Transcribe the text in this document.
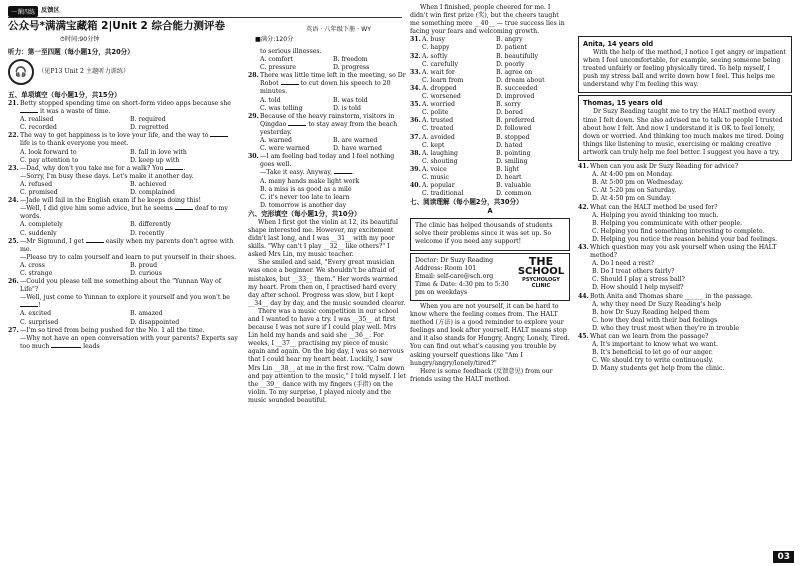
一课四练 反馈区
公众号*满满宝藏箱 2|Unit 2 综合能力测评卷
⏱时间:90分钟	■满分:120分
英语 · 八年级下册 · WY
听力：第一至四题（每小题1分，共20分）
🎧	（见P13 Unit 2 主题听力训练）
五、单项填空（每小题1分，共15分）
21. Betty stopped spending time on short-form video apps because she  it was a waste of time.
A. realised	B. required
C. recorded	D. regretted
22. The way to get happiness is to love your life, and the way to  life is to thank everyone you meet.
A. look forward to	B. fall in love with
C. pay attention to	D. keep up with
23. —Dad, why don't you take me for a walk? You	.
—Sorry, I'm busy these days. Let's make it another day.
A. refused	B. achieved
C. promised	D. complained
24. —Jade will fail in the English exam if he keeps doing this!
—Well, I did give him some advice, but he seems	deaf to my words.
A. completely	B. differently
C. suddenly	D. recently
25. —Mr Sigmund, I get	easily when my parents don't agree with me.
—Please try to calm yourself and learn to put yourself in their shoes.
A. cross	B. proud
C. strange	D. curious
26. —Could you please tell me something about the "Yunnan Way of Life"?
—Well, just come to Yunnan to explore it yourself and you won't be !
A. excited	B. amazed
C. surprised	D. disappointed
27. —I'm so tired from being pushed for the No. 1 all the time.
—Why not have an open conversation with your parents? Experts say too much	leads
to serious illnesses.
A. comfort	B. freedom
C. pressure	D. progress
28. There was little time left in the meeting, so Dr Robot	to cut down his speech to 20 minutes.
A. told	B. was told
C. was telling	D. is told
29. Because of the heavy rainstorm, visitors in Qingdao	to stay away from the beach yesterday.
A. warned	B. are warned
C. were warned	D. have warned
30. —I am feeling bad today and I feel nothing goes well.
—Take it easy. Anyway,	.
A. many hands make light work
B. a miss is as good as a mile
C. it's never too late to learn
D. tomorrow is another day
六、完形填空（每小题1分，共10分）
When I first got the violin at 12, its beautiful shape interested me. However, my excitement didn't last long, and I was __31__ with my poor skills. "Why can't I play __32__ like others?" I asked Mrs Lin, my music teacher.
She smiled and said, "Every great musician was once a beginner. We shouldn't be afraid of mistakes, but __33__ them." Her words warmed my heart. From then on, I practised hard every day after school. Progress was slow, but I kept __34__ day by day, and the music sounded clearer.
There was a music competition in our school and I wanted to have a try. I was __35__ at first because I was not sure if I could play well. Mrs Lin held my hands and said she __36__. For weeks, I __37__ practising my piece of music again and again. On the big day, I was so nervous that I could hear my heart beat. Luckily, I saw Mrs Lin __38__ at me in the first row. "Calm down and pay attention to the music," I told myself. I let the __39__ dance with my fingers (手指) on the violin. To my surprise, I played nicely and the music sounded beautiful.
When I finished, people cheered for me. I didn't win first prize (奖), but the cheers taught me something more __40__ — true success lies in facing your fears and welcoming growth.
31. A. busy	B. angry
C. happy	D. patient
32. A. softly	B. beautifully
C. carefully	D. poorly
33. A. wait for	B. agree on
C. learn from	D. dream about
34. A. dropped	B. succeeded
C. worsened	D. improved
35. A. worried	B. sorry
C. polite	D. bored
36. A. trusted	B. preferred
C. treated	D. followed
37. A. avoided	B. stopped
C. kept	D. hated
38. A. laughing	B. pointing
C. shouting	D. smiling
39. A. voice	B. light
C. music	D. heart
40. A. popular	B. valuable
C. traditional	D. common
七、阅读理解（每小题2分，共30分）
A
The clinic has helped thousands of students solve their problems since it was set up. So welcome if you need any support!
Doctor: Dr Suzy Reading
Address: Room 101
Email: self-care@sch.org
Time & Date: 4:30 pm to 5:30 pm on weekdays
THE
SCHOOL
PSYCHOLOGY
CLINIC
When you are not yourself, it can be hard to know where the feeling comes from. The HALT method (方法) is a good reminder to explore your feelings and look after yourself. HALT means stop and it also stands for Hungry, Angry, Lonely, Tired. You can find out what's causing you trouble by asking yourself questions like "Am I hungry/angry/lonely/tired?"
Here is some feedback (反馈意见) from our friends using the HALT method.
Anita, 14 years old
With the help of the method, I notice I get angry or impatient when I feel uncomfortable, for example, seeing someone being treated unfairly or feeling physically tired. To help myself, I push my stress ball and write down how I feel. This helps me understand why I'm feeling this way.
Thomas, 15 years old
Dr Suzy Reading taught me to try the HALT method every time I felt down. She also advised me to talk to people I trusted about how I felt. And now I understand it is OK to feel lonely, down or worried. And thinking too much makes me tired. Doing things like listening to music, exercising or making creative artwork can truly help me feel better. I suggest you have a try.
41. When can you ask Dr Suzy Reading for advice?
A. At 4:00 pm on Monday.
B. At 5:00 pm on Wednesday.
C. At 5:20 pm on Saturday.
D. At 4:50 pm on Sunday.
42. What can the HALT method be used for?
A. Helping you avoid thinking too much.
B. Helping you communicate with other people.
C. Helping you find something interesting to complete.
D. Helping you notice the reason behind your bad feelings.
43. Which question may you ask yourself when using the HALT method?
A. Do I need a rest?
B. Do I treat others fairly?
C. Should I play a stress ball?
D. How should I help myself?
44. Both Anita and Thomas share ______ in the passage.
A. why they need Dr Suzy Reading's help
B. how Dr Suzy Reading helped them
C. how they deal with their bad feelings
D. who they trust most when they're in trouble
45. What can we learn from the passage?
A. It's important to know what we want.
B. It's beneficial to let go of our anger.
C. We should try to write continuously.
D. Many students get help from the clinic.
03
